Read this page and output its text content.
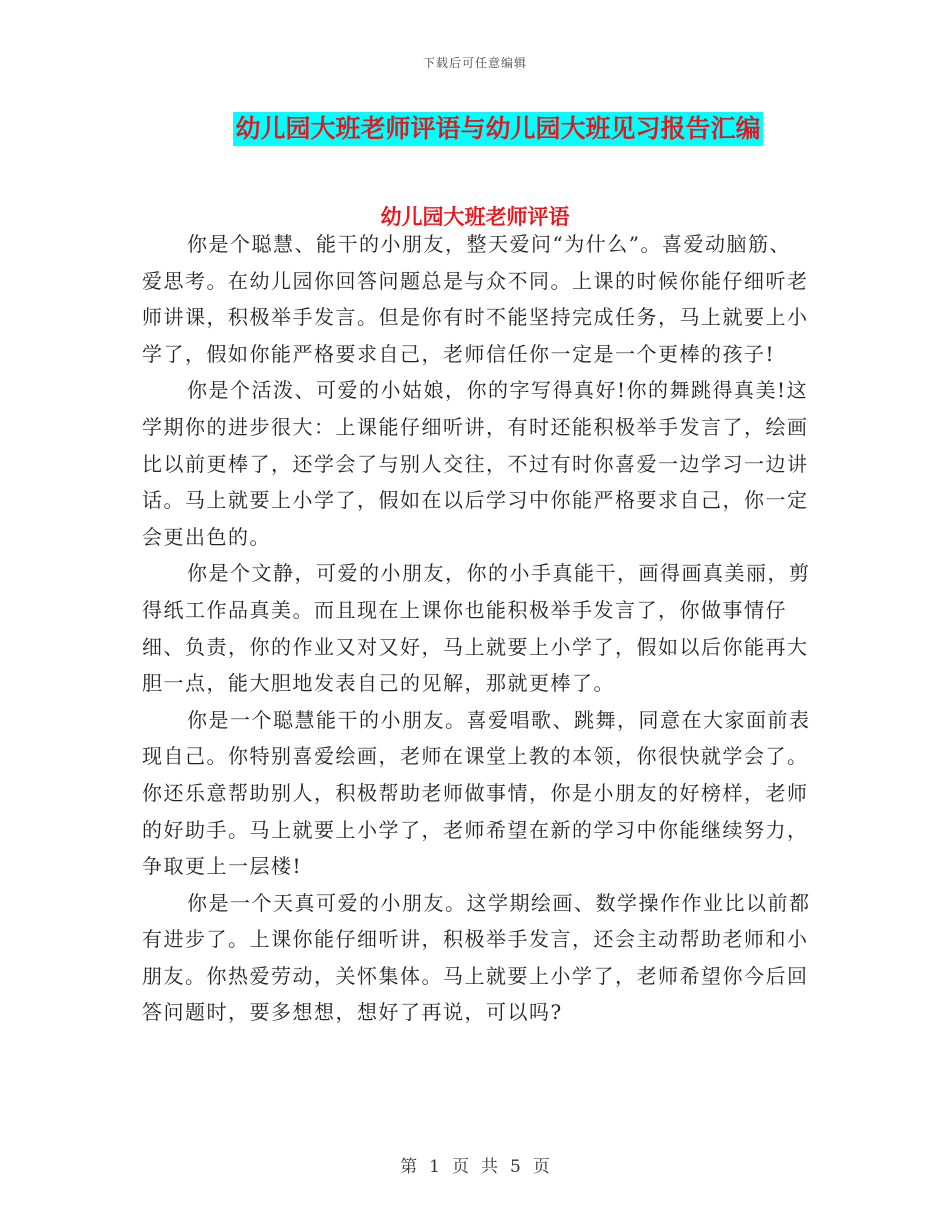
下载后可任意编辑
幼儿园大班老师评语与幼儿园大班见习报告汇编
幼儿园大班老师评语

你是个聪慧、能干的小朋友，整天爱问“为什么”。喜爱动脑筋、爱思考。在幼儿园你回答问题总是与众不同。上课的时候你能仔细听老师讲课，积极举手发言。但是你有时不能坚持完成任务，马上就要上小学了，假如你能严格要求自己，老师信任你一定是一个更棒的孩子!

你是个活泼、可爱的小姑娘，你的字写得真好!你的舞跳得真美!这学期你的进步很大：上课能仔细听讲，有时还能积极举手发言了，绘画比以前更棒了，还学会了与别人交往，不过有时你喜爱一边学习一边讲话。马上就要上小学了，假如在以后学习中你能严格要求自己，你一定会更出色的。

你是个文静，可爱的小朋友，你的小手真能干，画得画真美丽，剪得纸工作品真美。而且现在上课你也能积极举手发言了，你做事情仔细、负责，你的作业又对又好，马上就要上小学了，假如以后你能再大胆一点，能大胆地发表自己的见解，那就更棒了。

你是一个聪慧能干的小朋友。喜爱唱歌、跳舞，同意在大家面前表现自己。你特别喜爱绘画，老师在课堂上教的本领，你很快就学会了。你还乐意帮助别人，积极帮助老师做事情，你是小朋友的好榜样，老师的好助手。马上就要上小学了，老师希望在新的学习中你能继续努力，争取更上一层楼!

你是一个天真可爱的小朋友。这学期绘画、数学操作作业比以前都有进步了。上课你能仔细听讲，积极举手发言，还会主动帮助老师和小朋友。你热爱劳动，关怀集体。马上就要上小学了，老师希望你今后回答问题时，要多想想，想好了再说，可以吗?

第 1 页 共 5 页
